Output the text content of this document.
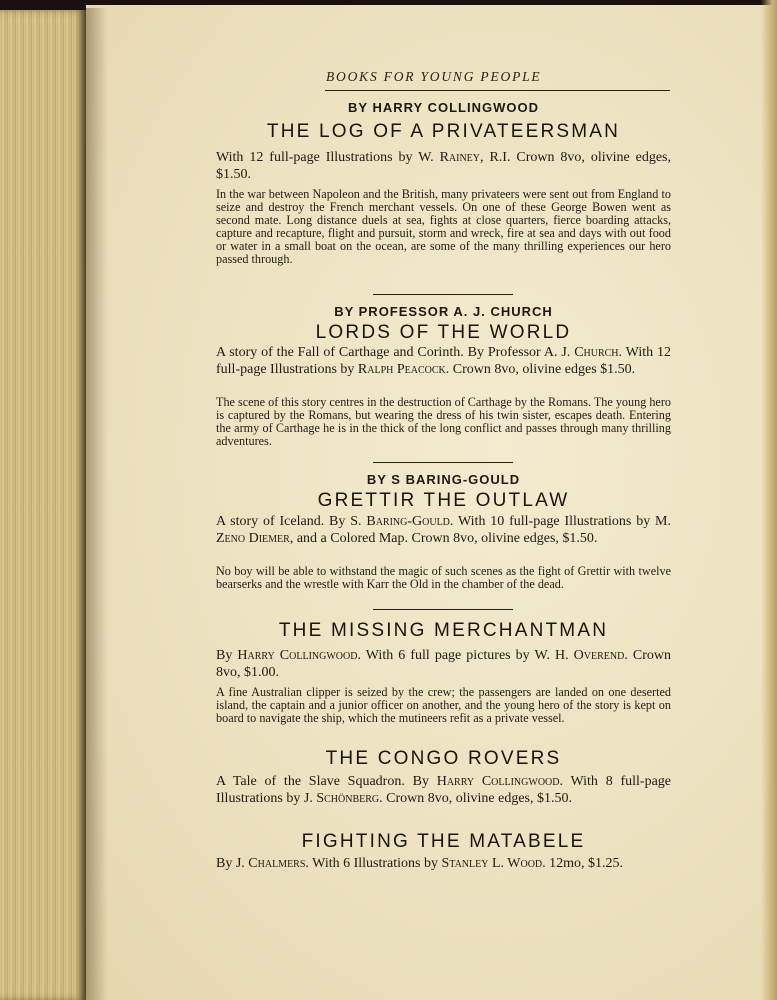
BOOKS FOR YOUNG PEOPLE
BY HARRY COLLINGWOOD
THE LOG OF A PRIVATEERSMAN
With 12 full-page Illustrations by W. Rainey, R.I. Crown 8vo, olivine edges, $1.50.
In the war between Napoleon and the British, many privateers were sent out from England to seize and destroy the French merchant vessels. On one of these George Bowen went as second mate. Long distance duels at sea, fights at close quarters, fierce boarding attacks, capture and recapture, flight and pursuit, storm and wreck, fire at sea and days with out food or water in a small boat on the ocean, are some of the many thrilling experiences our hero passed through.
BY PROFESSOR A. J. CHURCH
LORDS OF THE WORLD
A story of the Fall of Carthage and Corinth. By Professor A. J. Church. With 12 full-page Illustrations by Ralph Peacock. Crown 8vo, olivine edges $1.50.
The scene of this story centres in the destruction of Carthage by the Romans. The young hero is captured by the Romans, but wearing the dress of his twin sister, escapes death. Entering the army of Carthage he is in the thick of the long conflict and passes through many thrilling adventures.
BY S BARING-GOULD
GRETTIR THE OUTLAW
A story of Iceland. By S. Baring-Gould. With 10 full-page Illustrations by M. Zeno Diemer, and a Colored Map. Crown 8vo, olivine edges, $1.50.
No boy will be able to withstand the magic of such scenes as the fight of Grettir with twelve bearserks and the wrestle with Karr the Old in the chamber of the dead.
THE MISSING MERCHANTMAN
By Harry Collingwood. With 6 full page pictures by W. H. Overend. Crown 8vo, $1.00.
A fine Australian clipper is seized by the crew; the passengers are landed on one deserted island, the captain and a junior officer on another, and the young hero of the story is kept on board to navigate the ship, which the mutineers refit as a private vessel.
THE CONGO ROVERS
A Tale of the Slave Squadron. By Harry Collingwood. With 8 full-page Illustrations by J. Schönberg. Crown 8vo, olivine edges, $1.50.
FIGHTING THE MATABELE
By J. Chalmers. With 6 Illustrations by Stanley L. Wood. 12mo, $1.25.
